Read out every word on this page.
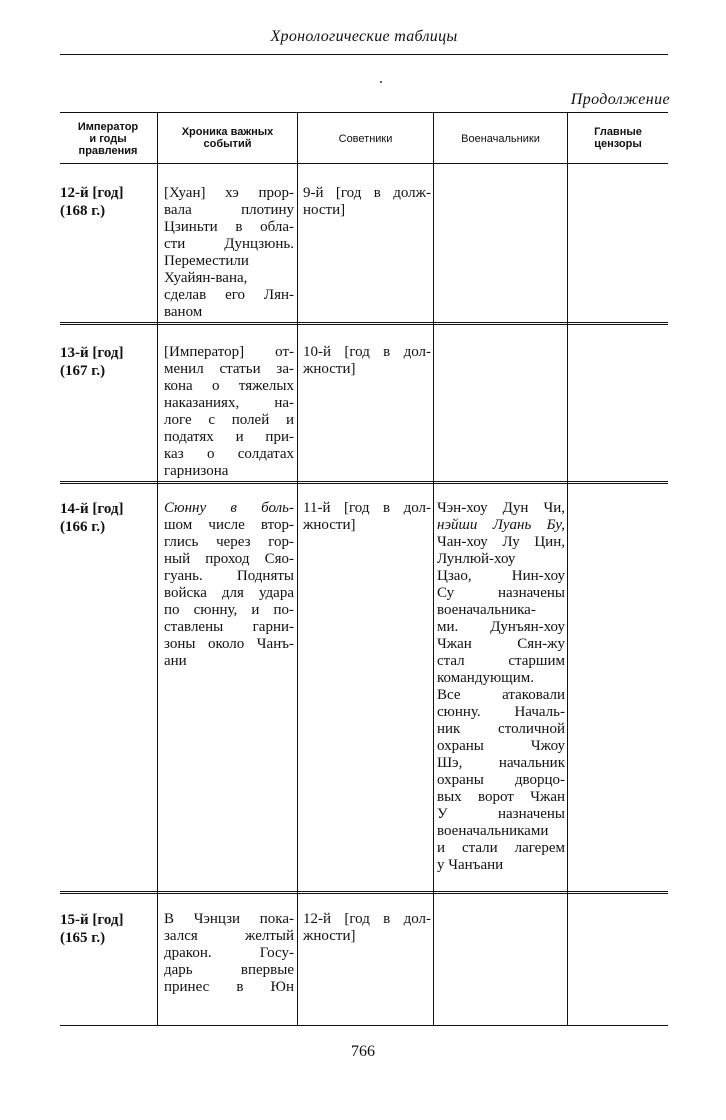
Хронологические таблицы
Продолжение
Император
и годы
правления
Хроника важных
событий	Советники	Военачальники
Главные
цензоры
12-й [год]
(168 г.)
[Хуан] хэ прор-
вала плотину
Цзиньти в обла-
сти Дунцзюнь.
Переместили
Хуайян-вана,
сделав его Лян-
ваном
9-й [год в долж-
ности]
13-й [год]
(167 г.)
[Император] от-
менил статьи за-
кона о тяжелых
наказаниях, на-
логе с полей и
податях и при-
каз о солдатах
гарнизона
10-й [год в дол-
жности]
14-й [год]
(166 г.)
Сюнну в боль-
шом числе втор-
глись через гор-
ный проход Сяо-
гуань. Подняты
войска для удара
по сюнну, и по-
ставлены гарни-
зоны около Чанъ-
ани
11-й [год в дол-
жности]
Чэн-хоу Дун Чи,
нэйши Луань Бу,
Чан-хоу Лу Цин,
Лунлюй-хоу
Цзао, Нин-хоу
Су назначены
военачальника-
ми. Дунъян-хоу
Чжан Сян-жу
стал старшим
командующим.
Все атаковали
сюнну. Началь-
ник столичной
охраны Чжоу
Шэ, начальник
охраны дворцо-
вых ворот Чжан
У назначены
военачальниками
и стали лагерем
у Чанъани
15-й [год]
(165 г.)
В Чэнцзи пока-
зался желтый
дракон. Госу-
дарь впервые
принес в Юн
12-й [год в дол-
жности]
766
